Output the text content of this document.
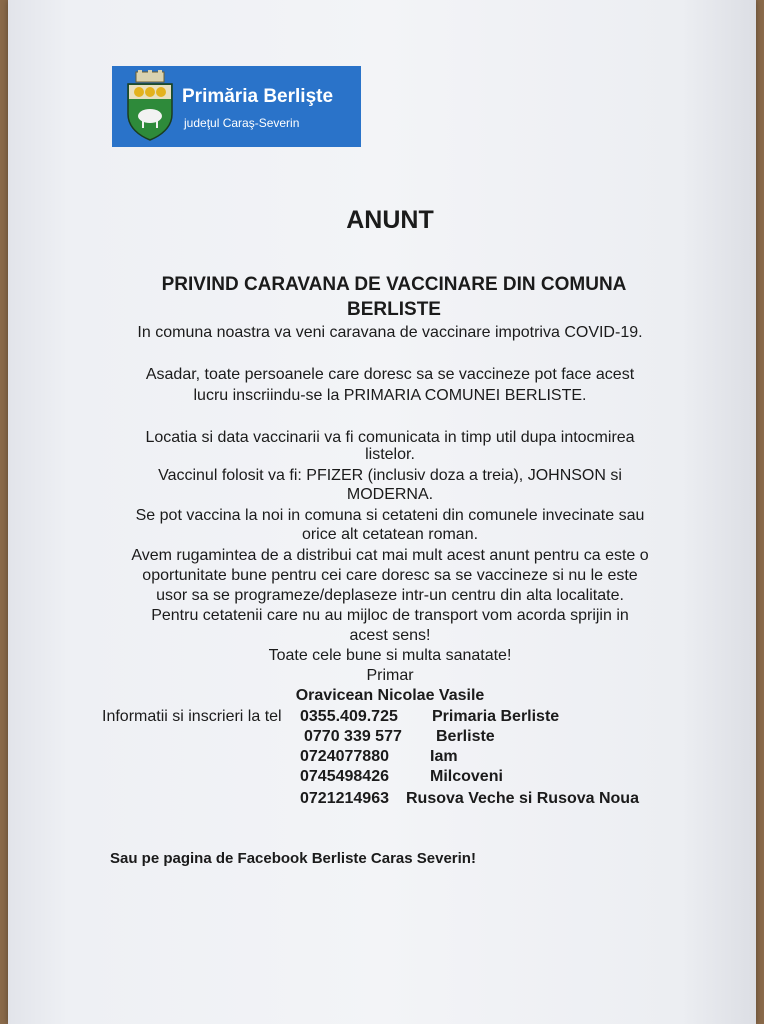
Primăria Berlişte
judeţul Caraş-Severin
ANUNT
PRIVIND CARAVANA DE VACCINARE DIN COMUNA
BERLISTE
In comuna noastra va veni caravana de vaccinare impotriva COVID-19.
Asadar, toate persoanele care doresc sa se vaccineze pot face acest
lucru inscriindu-se la PRIMARIA COMUNEI BERLISTE.
Locatia si data vaccinarii va fi comunicata in timp util dupa intocmirea
listelor.
Vaccinul folosit va fi: PFIZER (inclusiv doza a treia), JOHNSON si
MODERNA.
Se pot vaccina la noi in comuna si cetateni din comunele invecinate sau
orice alt cetatean roman.
Avem rugamintea de a distribui cat mai mult acest anunt pentru ca este o
oportunitate bune pentru cei care doresc sa se vaccineze si nu le este
usor sa se programeze/deplaseze intr-un centru din alta localitate.
Pentru cetatenii care nu au mijloc de transport vom acorda sprijin in
acest sens!
Toate cele bune si multa sanatate!
Primar
Oravicean Nicolae Vasile
Informatii si inscrieri la tel 0355.409.725 Primaria Berliste
0770 339 577 Berliste
0724077880	Iam
0745498426	Milcoveni
0721214963 Rusova Veche si Rusova Noua
Sau pe pagina de Facebook Berliste Caras Severin!
